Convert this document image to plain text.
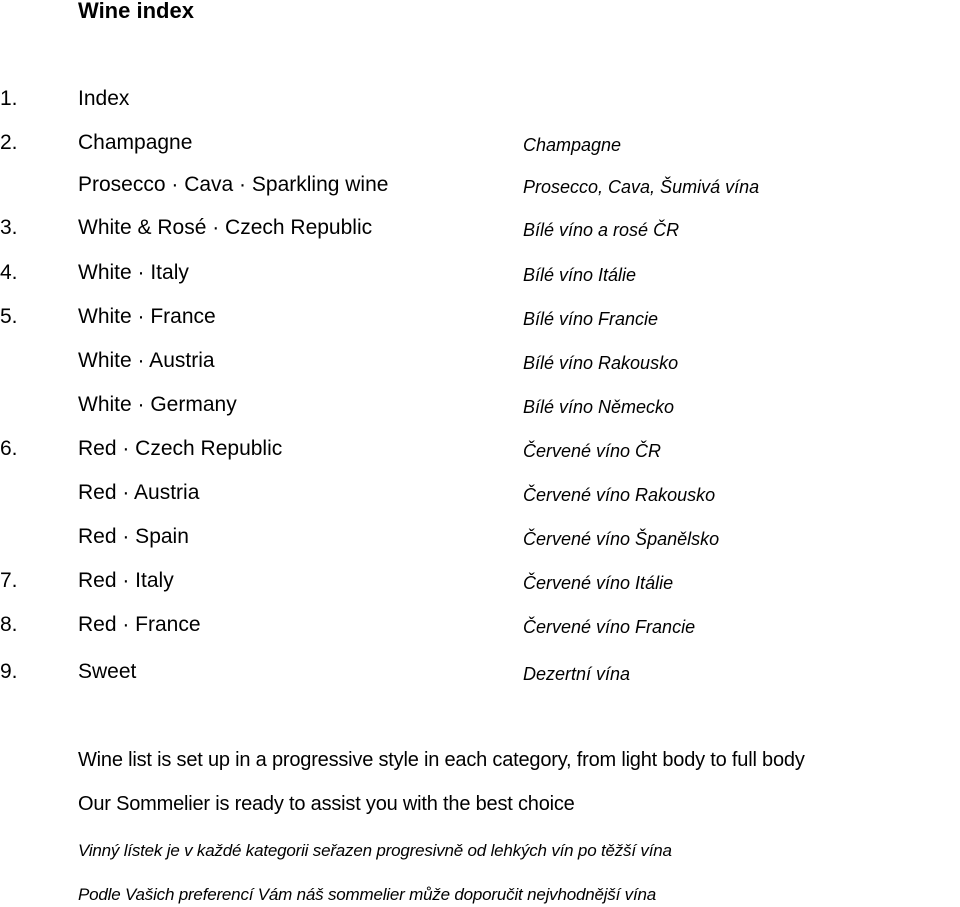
Wine index
1.	Index
2.	Champagne	Champagne
Prosecco · Cava · Sparkling wine	Prosecco, Cava, Šumivá vína
3.	White & Rosé · Czech Republic	Bílé víno a rosé ČR
4.	White · Italy	Bílé víno Itálie
5.	White · France	Bílé víno Francie
White · Austria	Bílé víno Rakousko
White · Germany	Bílé víno Německo
6.	Red · Czech Republic	Červené víno ČR
Red · Austria	Červené víno Rakousko
Red · Spain	Červené víno Španělsko
7.	Red · Italy	Červené víno Itálie
8.	Red · France	Červené víno Francie
9.	Sweet	Dezertní vína
Wine list is set up in a progressive style in each category, from light body to full body
Our Sommelier is ready to assist you with the best choice
Vinný lístek je v každé kategorii seřazen progresivně od lehkých vín po těžší vína
Podle Vašich preferencí Vám náš sommelier může doporučit nejvhodnější vína
